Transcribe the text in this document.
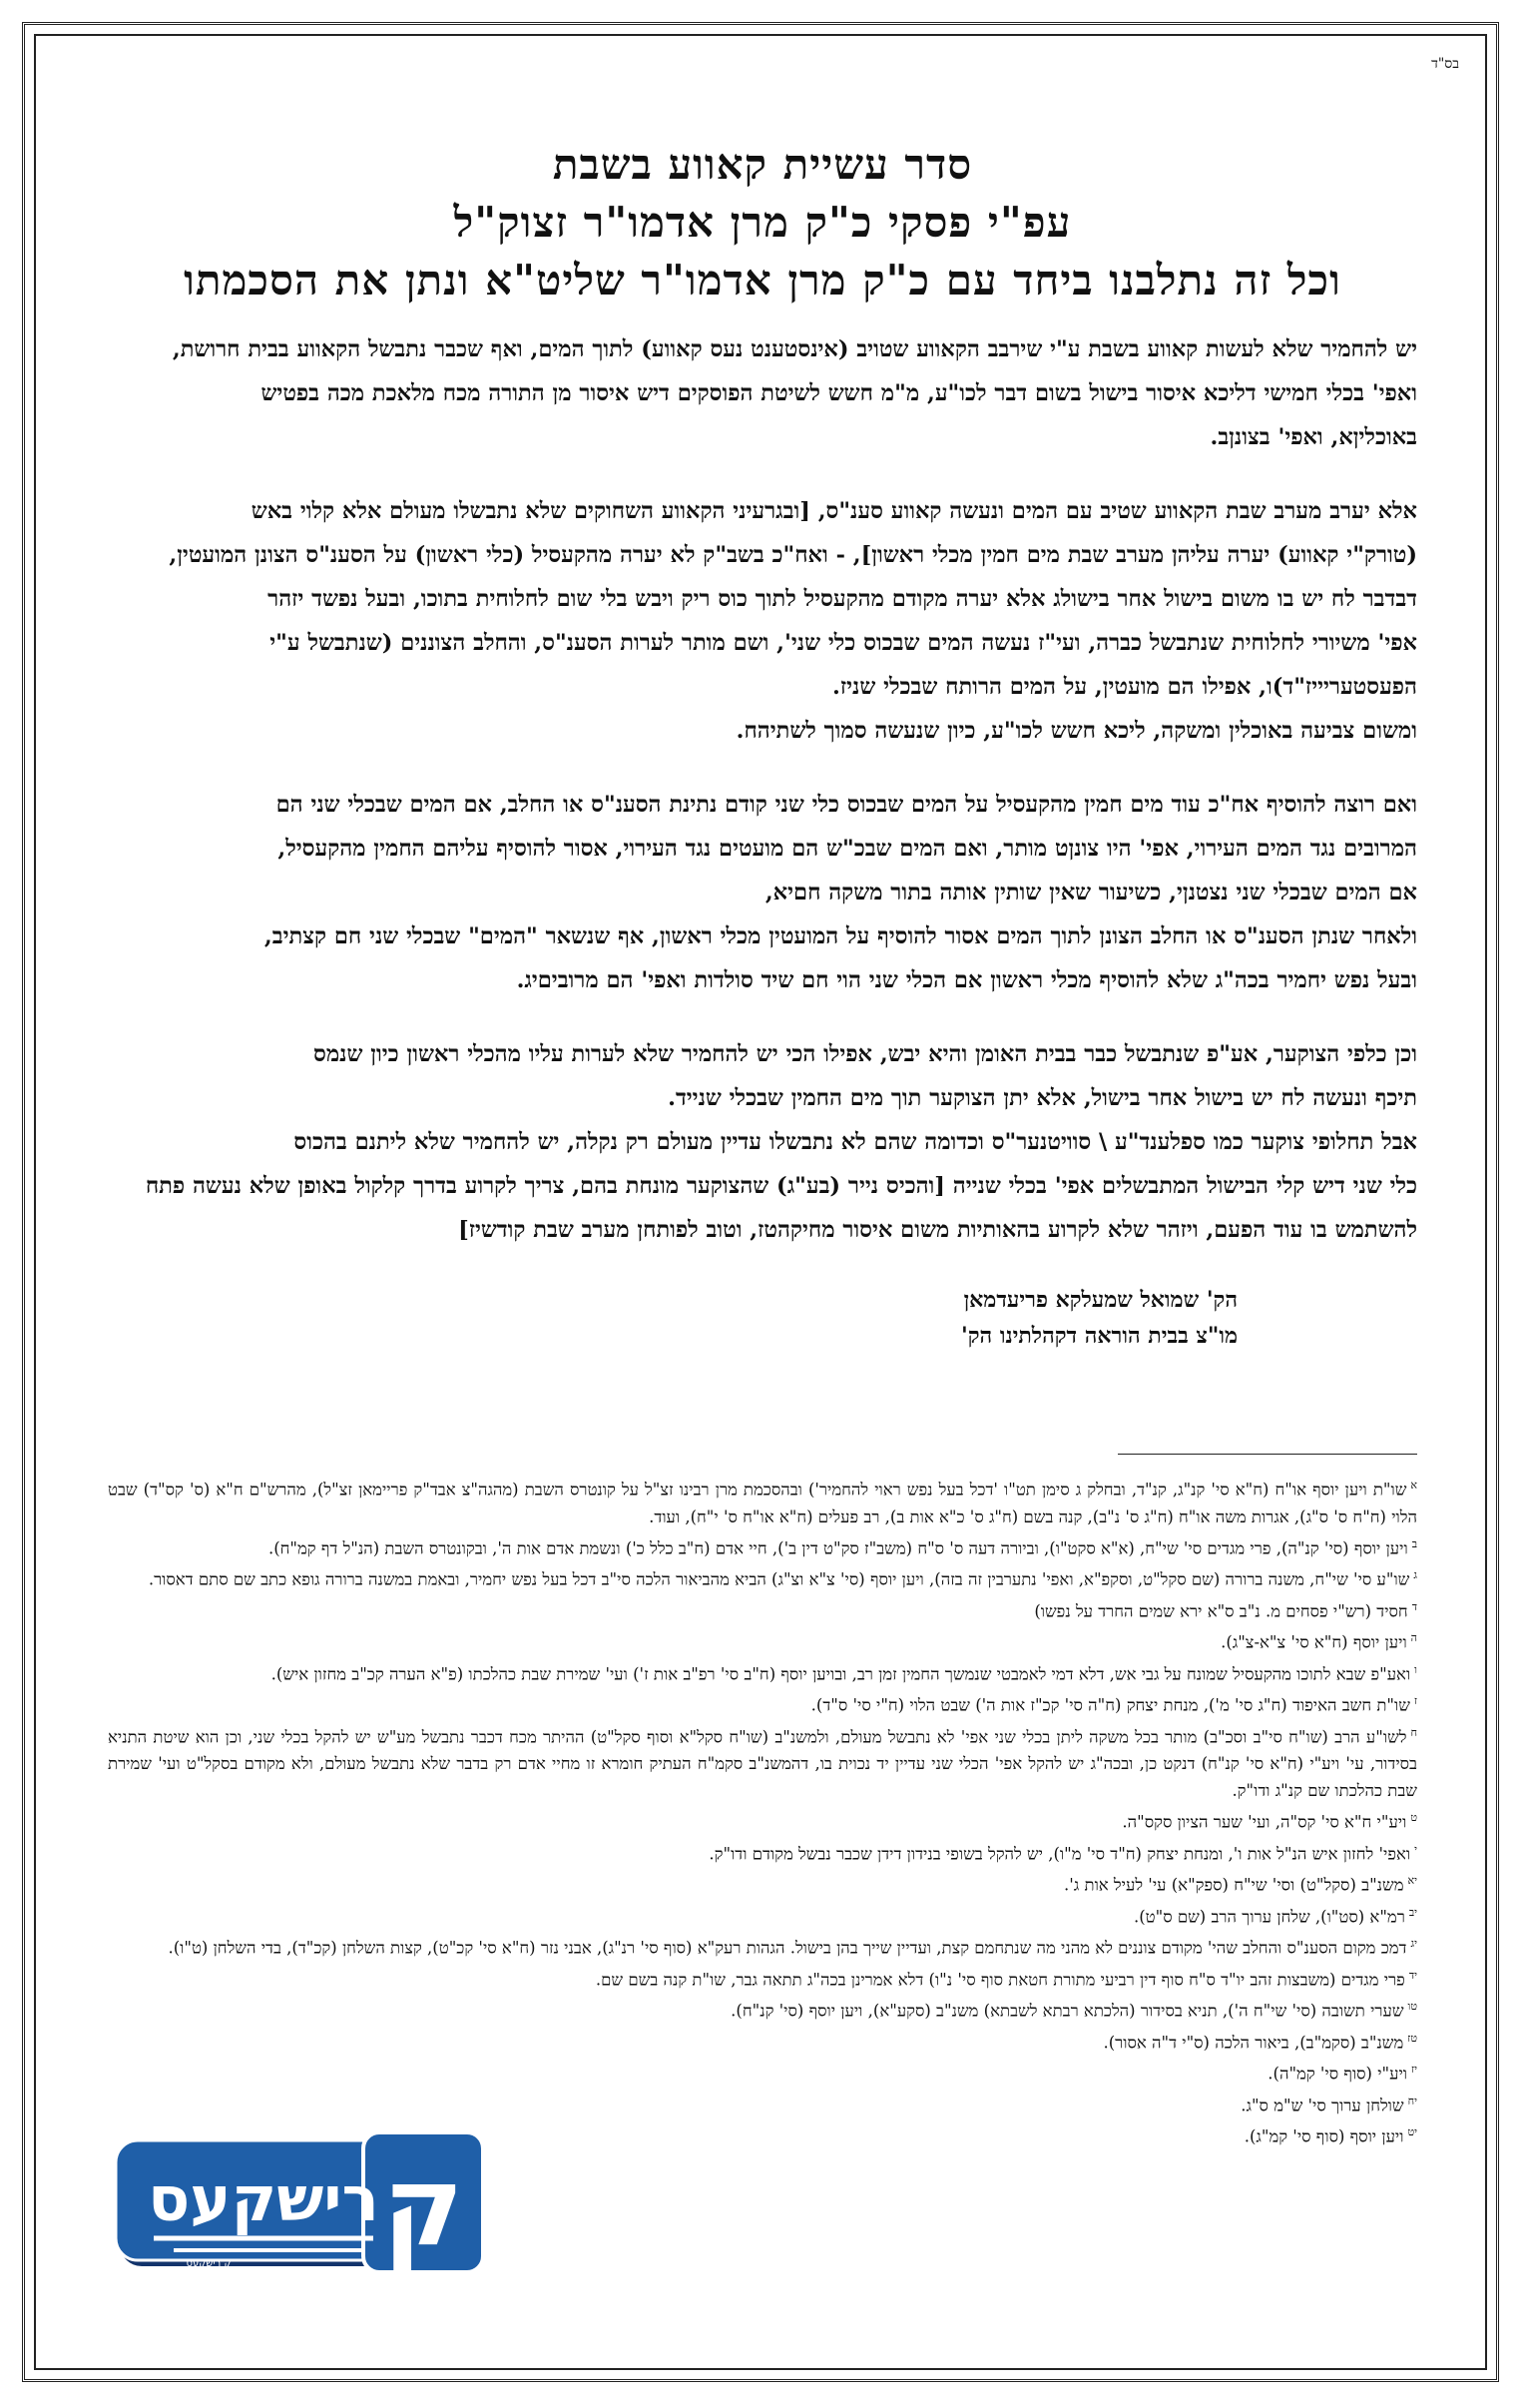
בס"ד
סדר עשיית קאווע בשבת
עפ"י פסקי כ"ק מרן אדמו"ר זצוק"ל
וכל זה נתלבנו ביחד עם כ"ק מרן אדמו"ר שליט"א ונתן את הסכמתו

יש להחמיר שלא לעשות קאווע בשבת ע"י שירבב הקאווע שטויב (אינסטענט נעס קאווע) לתוך המים, ואף שכבר נתבשל הקאווע בבית חרושת,
ואפי' בכלי חמישי דליכא איסור בישול בשום דבר לכו"ע, מ"מ חשש לשיטת הפוסקים דיש איסור מן התורה מכח מלאכת מכה בפטיש
באוכליןא, ואפי' בצונןב.

אלא יערב מערב שבת הקאווע שטיב עם המים ונעשה קאווע סענ"ס, [ובגרעיני הקאווע השחוקים שלא נתבשלו מעולם אלא קלוי באש
(טורק"י קאווע) יערה עליהן מערב שבת מים חמין מכלי ראשון], - ואח"כ בשב"ק לא יערה מהקעסיל (כלי ראשון) על הסענ"ס הצונן המועטין,
דבדבר לח יש בו משום בישול אחר בישולג אלא יערה מקודם מהקעסיל לתוך כוס ריק ויבש בלי שום לחלוחית בתוכו, ובעל נפשד יזהר
אפי' משיורי לחלוחית שנתבשל כברה, ועי"ז נעשה המים שבכוס כלי שני', ושם מותר לערות הסענ"ס, והחלב הצוננים (שנתבשל ע"י
הפעסטעריייז"ד)ו, אפילו הם מועטין, על המים הרותח שבכלי שניז.
ומשום צביעה באוכלין ומשקה, ליכא חשש לכו"ע, כיון שנעשה סמוך לשתיהח.

ואם רוצה להוסיף אח"כ עוד מים חמין מהקעסיל על המים שבכוס כלי שני קודם נתינת הסענ"ס או החלב, אם המים שבכלי שני הם
המרובים נגד המים העירוי, אפי' היו צונןט מותר, ואם המים שבכ"ש הם מועטים נגד העירוי, אסור להוסיף עליהם החמין מהקעסיל,
אם המים שבכלי שני נצטנןי, כשיעור שאין שותין אותה בתור משקה חםיא,
ולאחר שנתן הסענ"ס או החלב הצונן לתוך המים אסור להוסיף על המועטין מכלי ראשון, אף שנשאר "המים" שבכלי שני חם קצתיב,
ובעל נפש יחמיר בכה"ג שלא להוסיף מכלי ראשון אם הכלי שני הוי חם שיד סולדות ואפי' הם מרוביםיג.

וכן כלפי הצוקער, אע"פ שנתבשל כבר בבית האומן והיא יבש, אפילו הכי יש להחמיר שלא לערות עליו מהכלי ראשון כיון שנמס
תיכף ונעשה לח יש בישול אחר בישול, אלא יתן הצוקער תוך מים החמין שבכלי שנייד.
אבל תחלופי צוקער כמו ספלענד"ע \ סוויטנער"ס וכדומה שהם לא נתבשלו עדיין מעולם רק נקלה, יש להחמיר שלא ליתנם בהכוס
כלי שני דיש קלי הבישול המתבשלים אפי' בכלי שנייה [והכיס נייר (בע"ג) שהצוקער מונחת בהם, צריך לקרוע בדרך קלקול באופן שלא נעשה פתח
להשתמש בו עוד הפעם, ויזהר שלא לקרוע בהאותיות משום איסור מחיקהטז, וטוב לפותחן מערב שבת קודשיז]

הק' שמואל שמעלקא פריעדמאן
מו"צ בבית הוראה דקהלתינו הק'

$^א$שו"ת ויען יוסף או"ח (ח"א סי' קנ"ג, קנ"ד, ובחלק ג סימן תט"ו 'דכל בעל נפש ראוי להחמיר') ובהסכמת מרן רבינו זצ"ל על קונטרס השבת (מהגה"צ אבד"ק פריימאן זצ"ל), מהרש"ם ח"א (ס' קס"ד) שבט הלוי (ח"ח ס' ס"ג), אגרות משה או"ח (ח"ג ס' נ"ב), קנה בשם (ח"ג ס' כ"א אות ב), רב פעלים (ח"א או"ח ס' י"ח), ועוד.

$^ב$ויען יוסף (סי' קנ"ה), פרי מגדים סי' שי"ח, (א"א סקט"ו), וביורה דעה ס' ס"ח (משב"ז סק"ט דין ב'), חיי אדם (ח"ב כלל כ') ונשמת אדם אות ה', ובקונטרס השבת (הנ"ל דף קמ"ח).

$^ג$שו"ע סי' שי"ח, משנה ברורה (שם סקל"ט, וסקפ"א, ואפי' נתערבין זה בזה), ויען יוסף (סי' צ"א וצ"ג) הביא מהביאור הלכה סי"ב דכל בעל נפש יחמיר, ובאמת במשנה ברורה גופא כתב שם סתם דאסור.

$^ד$חסיד (רש"י פסחים מ. נ"ב ס"א ירא שמים החרד על נפשו)

$^ה$ויען יוסף (ח"א סי' צ"א-צ"ג).

$^ו$ואע"פ שבא לתוכו מהקעסיל שמונח על גבי אש, דלא דמי לאמבטי שנמשך החמין זמן רב, ובויען יוסף (ח"ב סי' רפ"ב אות ז') ועי' שמירת שבת כהלכתו (פ"א הערה קכ"ב מחזון איש).

$^ז$שו"ת חשב האיפוד (ח"ג סי' מ'), מנחת יצחק (ח"ה סי' קכ"ז אות ה') שבט הלוי (ח"י סי' ס"ד).

$^ח$לשו"ע הרב (שו"ח סי"ב וסכ"ב) מותר בכל משקה ליתן בכלי שני אפי' לא נתבשל מעולם, ולמשנ"ב (שו"ח סקל"א וסוף סקל"ט) ההיתר מכח דכבר נתבשל מע"ש יש להקל בכלי שני, וכן הוא שיטת התניא בסידור, עי' ויע"י (ח"א סי' קנ"ח) דנקט כן, ובכה"ג יש להקל אפי' הכלי שני עדיין יד נכוית בו, דהמשנ"ב סקמ"ח העתיק חומרא זו מחיי אדם רק בדבר שלא נתבשל מעולם, ולא מקודם בסקל"ט ועי' שמירת שבת כהלכתו שם קנ"ג ודו"ק.

$^ט$ויע"י ח"א סי' קס"ה, ועי' שער הציון סקס"ה.

$^י$ואפי' לחזון איש הנ"ל אות ו', ומנחת יצחק (ח"ד סי' מ"ו), יש להקל בשופי בנידון דידן שכבר נבשל מקודם ודו"ק.

$^{יא}$משנ"ב (סקל"ט) וסי' שי"ח (ספק"א) עי' לעיל אות ג'.

$^{יב}$רמ"א (סט"ו), שלחן ערוך הרב (שם ס"ט).

$^{יג}$דמכ מקום הסענ"ס והחלב שהי' מקודם צוננים לא מהני מה שנתחמם קצת, ועדיין שייך בהן בישול. הגהות רעק"א (סוף סי' רנ"ג), אבני נזר (ח"א סי' קכ"ט), קצות השלחן (קכ"ד), בדי השלחן (ט"ו).

$^{יד}$פרי מגדים (משבצות זהב יו"ד ס"ח סוף דין רביעי מתורת חטאת סוף סי' נ"ו) דלא אמרינן בכה"ג תתאה גבר, שו"ת קנה בשם שם.

$^{טו}$שערי תשובה (סי' שי"ח ה'), תניא בסידור (הלכתא רבתא לשבתא) משנ"ב (סקע"א), ויען יוסף (סי' קנ"ח).

$^{טז}$משנ"ב (סקמ"ב), ביאור הלכה (ס"י ד"ה אסור).

$^{יז}$ויע"י (סוף סי' קמ"ה).

$^{יח}$שולחן ערוך סי' ש"מ ס"ג.

$^{יט}$ויען יוסף (סוף סי' קמ"ג).

ק
רישקעס
ק רישקעס
